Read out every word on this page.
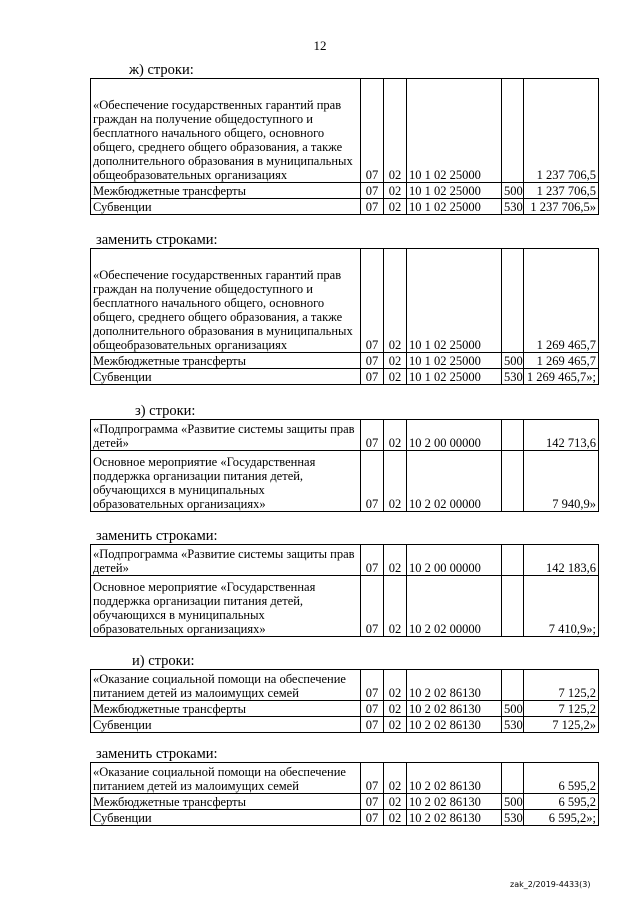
12
ж) строки:
«Обеспечение государственных гарантий прав граждан на получение общедоступного и бесплатного начального общего, основного общего, среднего общего образования, а также дополнительного образования в муниципальных общеобразовательных организациях	07	02	10 1 02 25000		1 237 706,5
Межбюджетные трансферты	07	02	10 1 02 25000	500	1 237 706,5
Субвенции	07	02	10 1 02 25000	530	1 237 706,5»
заменить строками:
«Обеспечение государственных гарантий прав граждан на получение общедоступного и бесплатного начального общего, основного общего, среднего общего образования, а также дополнительного образования в муниципальных общеобразовательных организациях	07	02	10 1 02 25000		1 269 465,7
Межбюджетные трансферты	07	02	10 1 02 25000	500	1 269 465,7
Субвенции	07	02	10 1 02 25000	530	1 269 465,7»;
з) строки:
«Подпрограмма «Развитие системы защиты прав детей»	07	02	10 2 00 00000		142 713,6
Основное мероприятие «Государственная поддержка организации питания детей, обучающихся в муниципальных образовательных организациях»	07	02	10 2 02 00000		7 940,9»
заменить строками:
«Подпрограмма «Развитие системы защиты прав детей»	07	02	10 2 00 00000		142 183,6
Основное мероприятие «Государственная поддержка организации питания детей, обучающихся в муниципальных образовательных организациях»	07	02	10 2 02 00000		7 410,9»;
и) строки:
«Оказание социальной помощи на обеспечение питанием детей из малоимущих семей	07	02	10 2 02 86130		7 125,2
Межбюджетные трансферты	07	02	10 2 02 86130	500	7 125,2
Субвенции	07	02	10 2 02 86130	530	7 125,2»
заменить строками:
«Оказание социальной помощи на обеспечение питанием детей из малоимущих семей	07	02	10 2 02 86130		6 595,2
Межбюджетные трансферты	07	02	10 2 02 86130	500	6 595,2
Субвенции	07	02	10 2 02 86130	530	6 595,2»;
zak_2/2019-4433(3)
